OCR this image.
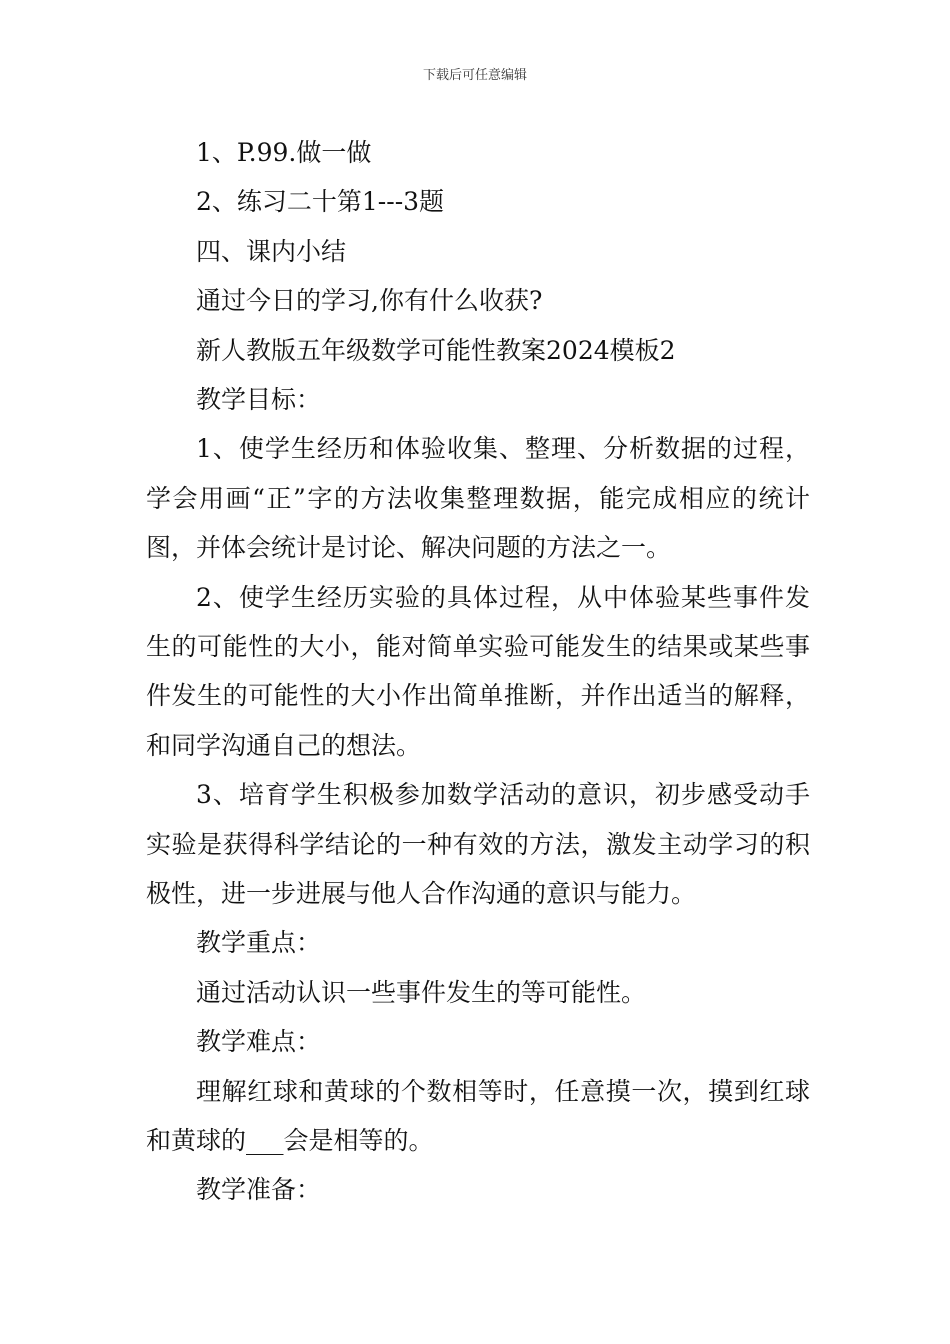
下载后可任意编辑
1、P.99.做一做
2、练习二十第1---3题
四、课内小结
通过今日的学习,你有什么收获?
新人教版五年级数学可能性教案2024模板2
教学目标：

1、使学生经历和体验收集、整理、分析数据的过程，学会用画“正”字的方法收集整理数据，能完成相应的统计图，并体会统计是讨论、解决问题的方法之一。

2、使学生经历实验的具体过程，从中体验某些事件发生的可能性的大小，能对简单实验可能发生的结果或某些事件发生的可能性的大小作出简单推断，并作出适当的解释，和同学沟通自己的想法。

3、培育学生积极参加数学活动的意识，初步感受动手实验是获得科学结论的一种有效的方法，激发主动学习的积极性，进一步进展与他人合作沟通的意识与能力。

教学重点：
通过活动认识一些事件发生的等可能性。
教学难点：

理解红球和黄球的个数相等时，任意摸一次，摸到红球和黄球的___会是相等的。

教学准备：
